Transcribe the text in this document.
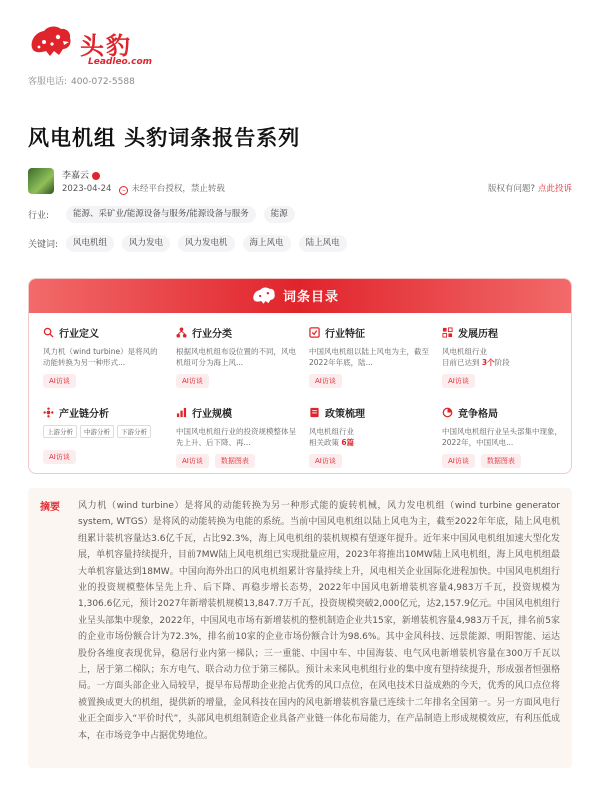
头豹
Leadleo.com
客服电话: 400-072-5588
风电机组 头豹词条报告系列
李嘉云
2023-04-24 – 未经平台授权，禁止转载	版权有问题? 点此投诉
行业:	能源、采矿业/能源设备与服务/能源设备与服务	能源
关键词:	风电机组	风力发电	风力发电机	海上风电	陆上风电
词条目录
行业定义
风力机（wind turbine）是将风的动能转换为另一种形式...
AI访谈
行业分类
根据风电机组布设位置的不同，风电机组可分为海上风...
AI访谈
行业特征
中国风电机组以陆上风电为主，截至2022年年底，陆...
AI访谈
发展历程
风电机组行业
目前已达到 3个阶段
AI访谈
产业链分析
上游分析	中游分析	下游分析
AI访谈
行业规模
中国风电机组行业的投资规模整体呈先上升、后下降、再...
AI访谈	数据图表
政策梳理
风电机组行业
相关政策 6篇
AI访谈
竞争格局
中国风电机组行业呈头部集中现象，2022年，中国风电...
AI访谈	数据图表
摘要 风力机（wind turbine）是将风的动能转换为另一种形式能的旋转机械，风力发电机组（wind turbine generator system, WTGS）是将风的动能转换为电能的系统。当前中国风电机组以陆上风电为主，截至2022年年底，陆上风电机组累计装机容量达3.6亿千瓦，占比92.3%，海上风电机组的装机规模有望逐年提升。近年来中国风电机组加速大型化发展，单机容量持续提升，目前7MW陆上风电机组已实现批量应用，2023年将推出10MW陆上风电机组，海上风电机组最大单机容量达到18MW。中国向海外出口的风电机组累计容量持续上升，风电相关企业国际化进程加快。中国风电机组行业的投资规模整体呈先上升、后下降、再稳步增长态势，2022年中国风电新增装机容量4,983万千瓦，投资规模为1,306.6亿元，预计2027年新增装机规模13,847.7万千瓦，投资规模突破2,000亿元，达2,157.9亿元。中国风电机组行业呈头部集中现象，2022年，中国风电市场有新增装机的整机制造企业共15家，新增装机容量4,983万千瓦，排名前5家的企业市场份额合计为72.3%，排名前10家的企业市场份额合计为98.6%。其中金风科技、远景能源、明阳智能、运达股份各维度表现优异，稳居行业内第一梯队；三一重能、中国中车、中国海装、电气风电新增装机容量在300万千瓦以上，居于第二梯队；东方电气、联合动力位于第三梯队。预计未来风电机组行业的集中度有望持续提升，形成强者恒强格局。一方面头部企业入局较早，提早布局帮助企业抢占优秀的风口点位，在风电技术日益成熟的今天，优秀的风口点位将被置换成更大的机组，提供新的增量，金风科技在国内的风电新增装机容量已连续十二年排名全国第一。另一方面风电行业正全面步入“平价时代”，头部风电机组制造企业具备产业链一体化布局能力，在产品制造上形成规模效应，有利压低成本，在市场竞争中占据优势地位。
